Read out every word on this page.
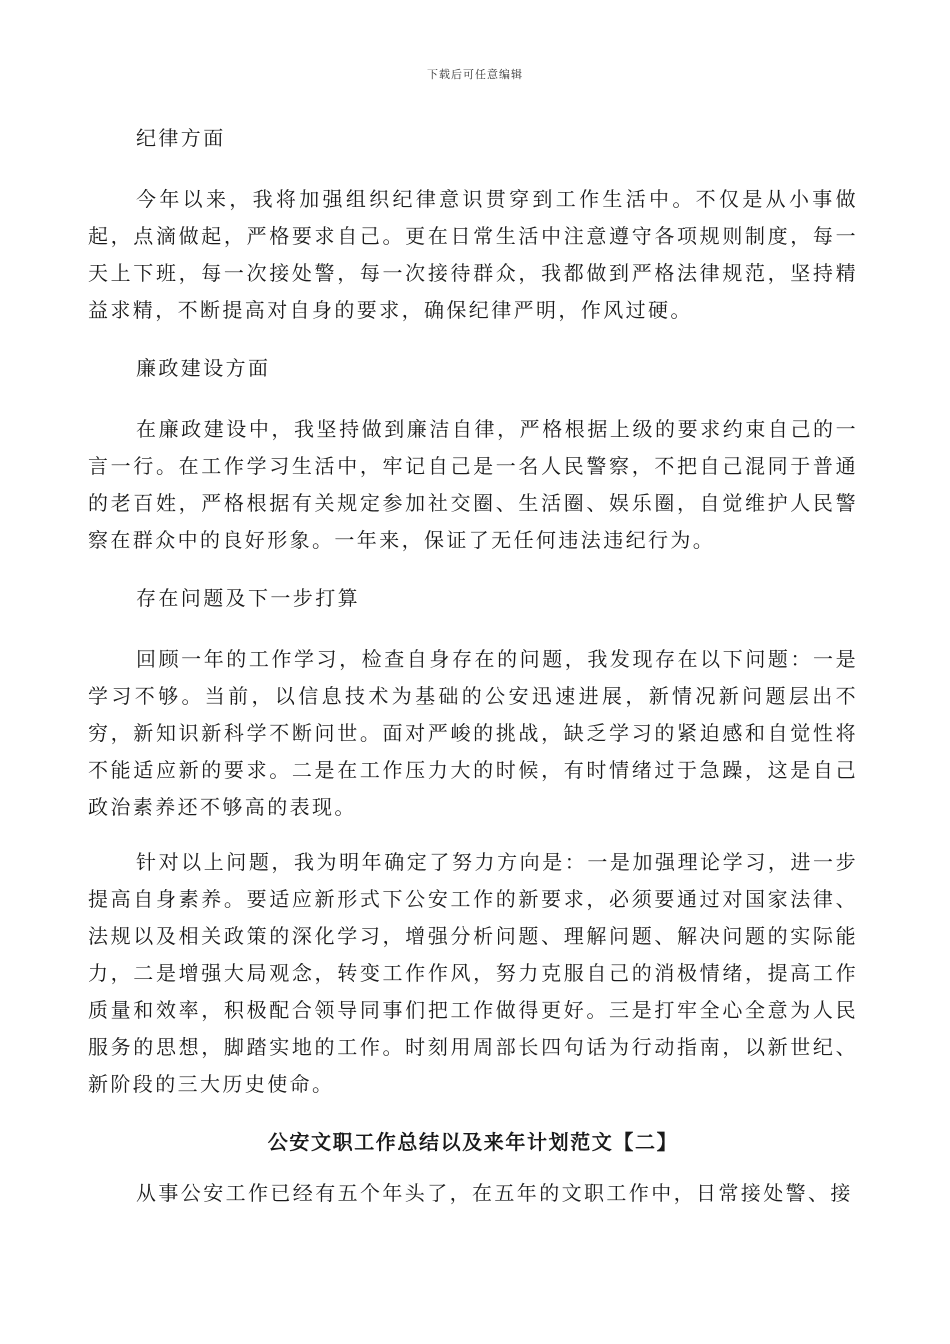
下载后可任意编辑

纪律方面

今年以来，我将加强组织纪律意识贯穿到工作生活中。不仅是从小事做起，点滴做起，严格要求自己。更在日常生活中注意遵守各项规则制度，每一天上下班，每一次接处警，每一次接待群众，我都做到严格法律规范，坚持精益求精，不断提高对自身的要求，确保纪律严明，作风过硬。

廉政建设方面

在廉政建设中，我坚持做到廉洁自律，严格根据上级的要求约束自己的一言一行。在工作学习生活中，牢记自己是一名人民警察，不把自己混同于普通的老百姓，严格根据有关规定参加社交圈、生活圈、娱乐圈，自觉维护人民警察在群众中的良好形象。一年来，保证了无任何违法违纪行为。

存在问题及下一步打算

回顾一年的工作学习，检查自身存在的问题，我发现存在以下问题：一是学习不够。当前，以信息技术为基础的公安迅速进展，新情况新问题层出不穷，新知识新科学不断问世。面对严峻的挑战，缺乏学习的紧迫感和自觉性将不能适应新的要求。二是在工作压力大的时候，有时情绪过于急躁，这是自己政治素养还不够高的表现。

针对以上问题，我为明年确定了努力方向是：一是加强理论学习，进一步提高自身素养。要适应新形式下公安工作的新要求，必须要通过对国家法律、法规以及相关政策的深化学习，增强分析问题、理解问题、解决问题的实际能力，二是增强大局观念，转变工作作风，努力克服自己的消极情绪，提高工作质量和效率，积极配合领导同事们把工作做得更好。三是打牢全心全意为人民服务的思想，脚踏实地的工作。时刻用周部长四句话为行动指南，以新世纪、新阶段的三大历史使命。

公安文职工作总结以及来年计划范文【二】

从事公安工作已经有五个年头了，在五年的文职工作中，日常接处警、接
